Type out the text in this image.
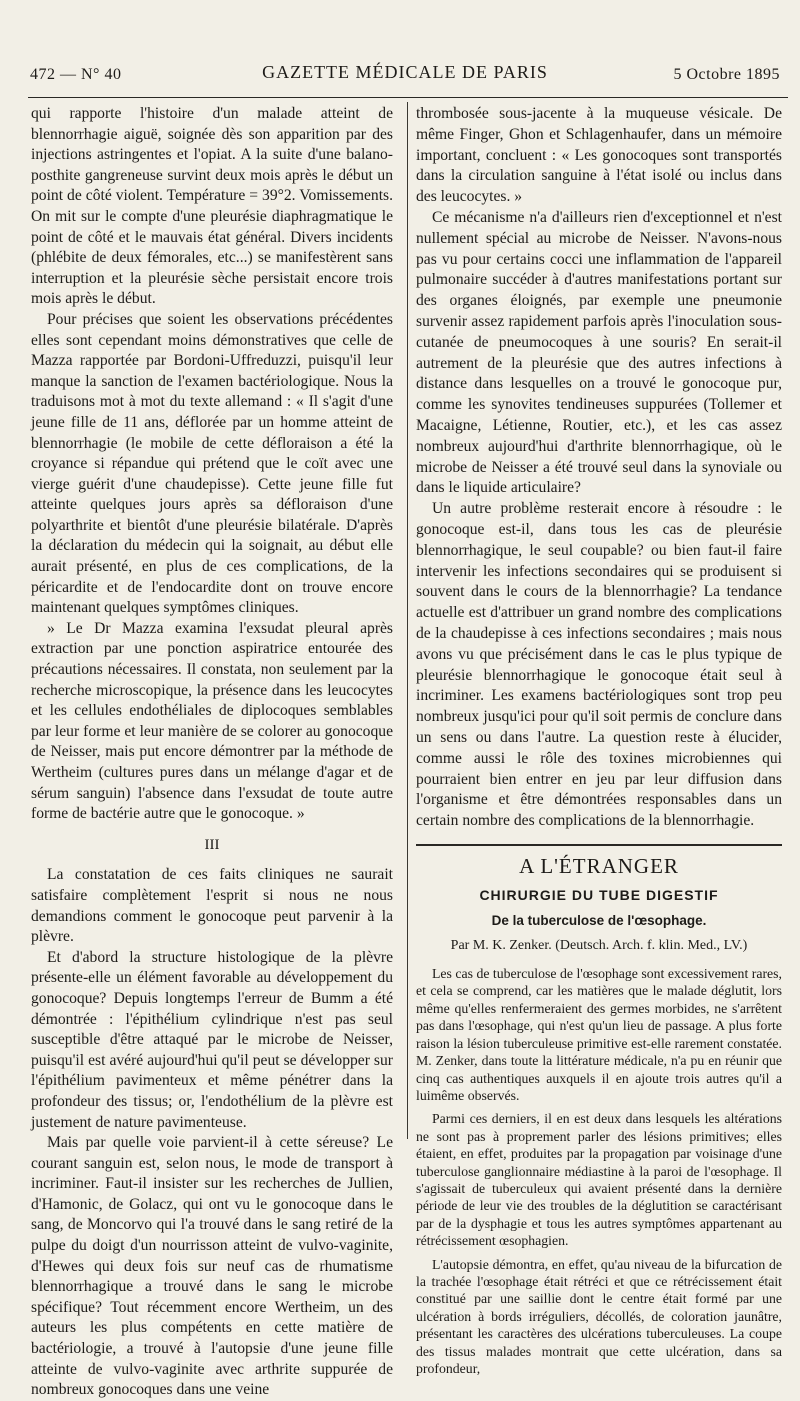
472 — N° 40	GAZETTE MÉDICALE DE PARIS	5 Octobre 1895

qui rapporte l'histoire d'un malade atteint de blennorrhagie aiguë, soignée dès son apparition par des injections astringentes et l'opiat. A la suite d'une balano-posthite gangreneuse survint deux mois après le début un point de côté violent. Température = 39°2. Vomissements. On mit sur le compte d'une pleurésie diaphragmatique le point de côté et le mauvais état général. Divers incidents (phlébite de deux fémorales, etc...) se manifestèrent sans interruption et la pleurésie sèche persistait encore trois mois après le début.

Pour précises que soient les observations précédentes elles sont cependant moins démonstratives que celle de Mazza rapportée par Bordoni-Uffreduzzi, puisqu'il leur manque la sanction de l'examen bactériologique. Nous la traduisons mot à mot du texte allemand : « Il s'agit d'une jeune fille de 11 ans, déflorée par un homme atteint de blennorrhagie (le mobile de cette défloraison a été la croyance si répandue qui prétend que le coït avec une vierge guérit d'une chaudepisse). Cette jeune fille fut atteinte quelques jours après sa défloraison d'une polyarthrite et bientôt d'une pleurésie bilatérale. D'après la déclaration du médecin qui la soignait, au début elle aurait présenté, en plus de ces complications, de la péricardite et de l'endocardite dont on trouve encore maintenant quelques symptômes cliniques.

» Le Dr Mazza examina l'exsudat pleural après extraction par une ponction aspiratrice entourée des précautions nécessaires. Il constata, non seulement par la recherche microscopique, la présence dans les leucocytes et les cellules endothéliales de diplocoques semblables par leur forme et leur manière de se colorer au gonocoque de Neisser, mais put encore démontrer par la méthode de Wertheim (cultures pures dans un mélange d'agar et de sérum sanguin) l'absence dans l'exsudat de toute autre forme de bactérie autre que le gonocoque. »

III

La constatation de ces faits cliniques ne saurait satisfaire complètement l'esprit si nous ne nous demandions comment le gonocoque peut parvenir à la plèvre.

Et d'abord la structure histologique de la plèvre présente-elle un élément favorable au développement du gonocoque? Depuis longtemps l'erreur de Bumm a été démontrée : l'épithélium cylindrique n'est pas seul susceptible d'être attaqué par le microbe de Neisser, puisqu'il est avéré aujourd'hui qu'il peut se développer sur l'épithélium pavimenteux et même pénétrer dans la profondeur des tissus; or, l'endothélium de la plèvre est justement de nature pavimenteuse.

Mais par quelle voie parvient-il à cette séreuse? Le courant sanguin est, selon nous, le mode de transport à incriminer. Faut-il insister sur les recherches de Jullien, d'Hamonic, de Golacz, qui ont vu le gonocoque dans le sang, de Moncorvo qui l'a trouvé dans le sang retiré de la pulpe du doigt d'un nourrisson atteint de vulvo-vaginite, d'Hewes qui deux fois sur neuf cas de rhumatisme blennorrhagique a trouvé dans le sang le microbe spécifique? Tout récemment encore Wertheim, un des auteurs les plus compétents en cette matière de bactériologie, a trouvé à l'autopsie d'une jeune fille atteinte de vulvo-vaginite avec arthrite suppurée de nombreux gonocoques dans une veine

thrombosée sous-jacente à la muqueuse vésicale. De même Finger, Ghon et Schlagenhaufer, dans un mémoire important, concluent : « Les gonocoques sont transportés dans la circulation sanguine à l'état isolé ou inclus dans des leucocytes. »

Ce mécanisme n'a d'ailleurs rien d'exceptionnel et n'est nullement spécial au microbe de Neisser. N'avons-nous pas vu pour certains cocci une inflammation de l'appareil pulmonaire succéder à d'autres manifestations portant sur des organes éloignés, par exemple une pneumonie survenir assez rapidement parfois après l'inoculation sous-cutanée de pneumocoques à une souris? En serait-il autrement de la pleurésie que des autres infections à distance dans lesquelles on a trouvé le gonocoque pur, comme les synovites tendineuses suppurées (Tollemer et Macaigne, Létienne, Routier, etc.), et les cas assez nombreux aujourd'hui d'arthrite blennorrhagique, où le microbe de Neisser a été trouvé seul dans la synoviale ou dans le liquide articulaire?

Un autre problème resterait encore à résoudre : le gonocoque est-il, dans tous les cas de pleurésie blennorrhagique, le seul coupable? ou bien faut-il faire intervenir les infections secondaires qui se produisent si souvent dans le cours de la blennorrhagie? La tendance actuelle est d'attribuer un grand nombre des complications de la chaudepisse à ces infections secondaires ; mais nous avons vu que précisément dans le cas le plus typique de pleurésie blennorrhagique le gonocoque était seul à incriminer. Les examens bactériologiques sont trop peu nombreux jusqu'ici pour qu'il soit permis de conclure dans un sens ou dans l'autre. La question reste à élucider, comme aussi le rôle des toxines microbiennes qui pourraient bien entrer en jeu par leur diffusion dans l'organisme et être démontrées responsables dans un certain nombre des complications de la blennorrhagie.

A L'ÉTRANGER

CHIRURGIE DU TUBE DIGESTIF

De la tuberculose de l'œsophage.

Par M. K. Zenker. (Deutsch. Arch. f. klin. Med., LV.)

Les cas de tuberculose de l'œsophage sont excessivement rares, et cela se comprend, car les matières que le malade déglutit, lors même qu'elles renfermeraient des germes morbides, ne s'arrêtent pas dans l'œsophage, qui n'est qu'un lieu de passage. A plus forte raison la lésion tuberculeuse primitive est-elle rarement constatée. M. Zenker, dans toute la littérature médicale, n'a pu en réunir que cinq cas authentiques auxquels il en ajoute trois autres qu'il a luimême observés.

Parmi ces derniers, il en est deux dans lesquels les altérations ne sont pas à proprement parler des lésions primitives; elles étaient, en effet, produites par la propagation par voisinage d'une tuberculose ganglionnaire médiastine à la paroi de l'œsophage. Il s'agissait de tuberculeux qui avaient présenté dans la dernière période de leur vie des troubles de la déglutition se caractérisant par de la dysphagie et tous les autres symptômes appartenant au rétrécissement œsophagien.

L'autopsie démontra, en effet, qu'au niveau de la bifurcation de la trachée l'œsophage était rétréci et que ce rétrécissement était constitué par une saillie dont le centre était formé par une ulcération à bords irréguliers, décollés, de coloration jaunâtre, présentant les caractères des ulcérations tuberculeuses. La coupe des tissus malades montrait que cette ulcération, dans sa profondeur,
